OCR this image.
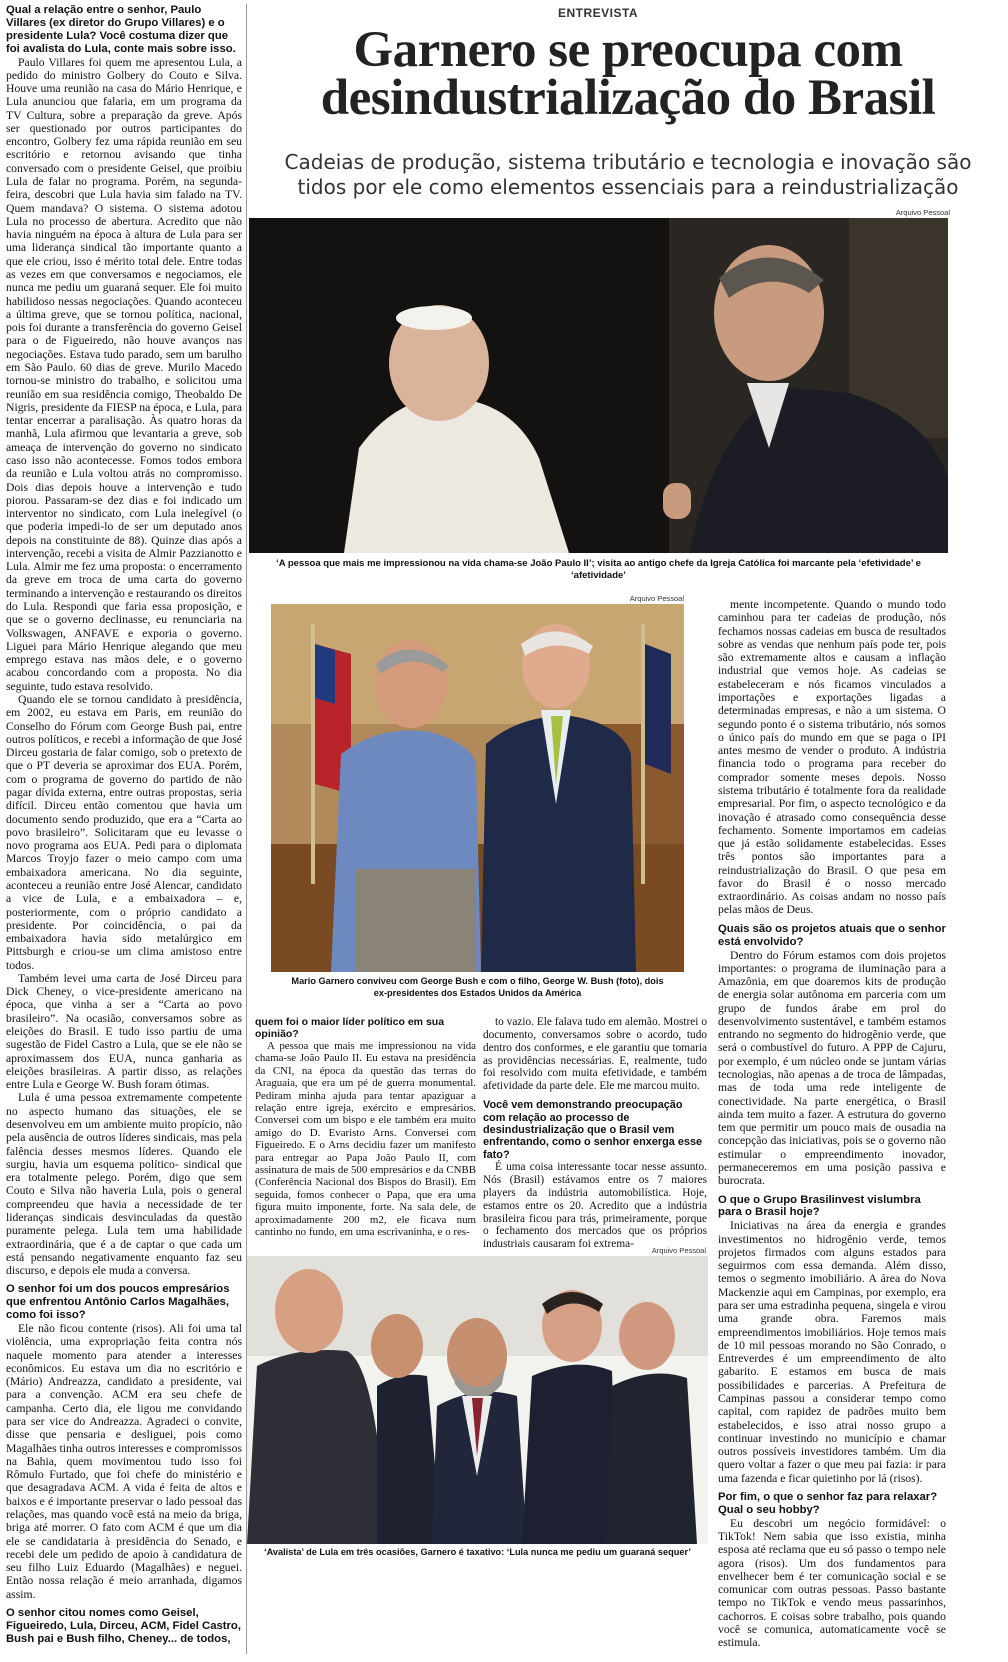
ENTREVISTA
Garnero se preocupa com
desindustrialização do Brasil
Cadeias de produção, sistema tributário e tecnologia e inovação são
tidos por ele como elementos essenciais para a reindustrialização

Qual a relação entre o senhor, Paulo Villares (ex diretor do Grupo Villares) e o presidente Lula? Você costuma dizer que foi avalista do Lula, conte mais sobre isso.

Paulo Villares foi quem me apresentou Lula, a pedido do ministro Golbery do Couto e Silva. Houve uma reunião na casa do Mário Henrique, e Lula anunciou que falaria, em um programa da TV Cultura, sobre a preparação da greve. Após ser questionado por outros participantes do encontro, Golbery fez uma rápida reunião em seu escritório e retornou avisando que tinha conversado com o presidente Geisel, que proibiu Lula de falar no programa. Porém, na segunda-feira, descobri que Lula havia sim falado na TV. Quem mandava? O sistema. O sistema adotou Lula no processo de abertura. Acredito que não havia ninguém na época à altura de Lula para ser uma liderança sindical tão importante quanto a que ele criou, isso é mérito total dele. Entre todas as vezes em que conversamos e negociamos, ele nunca me pediu um guaraná sequer. Ele foi muito habilidoso nessas negociações. Quando aconteceu a última greve, que se tornou política, nacional, pois foi durante a transferência do governo Geisel para o de Figueiredo, não houve avanços nas negociações. Estava tudo parado, sem um barulho em São Paulo. 60 dias de greve. Murilo Macedo tornou-se ministro do trabalho, e solicitou uma reunião em sua residência comigo, Theobaldo De Nigris, presidente da FIESP na época, e Lula, para tentar encerrar a paralisação. Às quatro horas da manhã, Lula afirmou que levantaria a greve, sob ameaça de intervenção do governo no sindicato caso isso não acontecesse. Fomos todos embora da reunião e Lula voltou atrás no compromisso. Dois dias depois houve a intervenção e tudo piorou. Passaram-se dez dias e foi indicado um interventor no sindicato, com Lula inelegível (o que poderia impedi-lo de ser um deputado anos depois na constituinte de 88). Quinze dias após a intervenção, recebi a visita de Almir Pazzianotto e Lula. Almir me fez uma proposta: o encerramento da greve em troca de uma carta do governo terminando a intervenção e restaurando os direitos do Lula. Respondi que faria essa proposição, e que se o governo declinasse, eu renunciaria na Volkswagen, ANFAVE e exporia o governo. Liguei para Mário Henrique alegando que meu emprego estava nas mãos dele, e o governo acabou concordando com a proposta. No dia seguinte, tudo estava resolvido.

Quando ele se tornou candidato à presidência, em 2002, eu estava em Paris, em reunião do Conselho do Fórum com George Bush pai, entre outros políticos, e recebi a informação de que José Dirceu gostaria de falar comigo, sob o pretexto de que o PT deveria se aproximar dos EUA. Porém, com o programa de governo do partido de não pagar dívida externa, entre outras propostas, seria difícil. Dirceu então comentou que havia um documento sendo produzido, que era a “Carta ao povo brasileiro”. Solicitaram que eu levasse o novo programa aos EUA. Pedi para o diplomata Marcos Troyjo fazer o meio campo com uma embaixadora americana. No dia seguinte, aconteceu a reunião entre José Alencar, candidato a vice de Lula, e a embaixadora – e, posteriormente, com o próprio candidato a presidente. Por coincidência, o pai da embaixadora havia sido metalúrgico em Pittsburgh e criou-se um clima amistoso entre todos.

Também levei uma carta de José Dirceu para Dick Cheney, o vice-presidente americano na época, que vinha a ser a “Carta ao povo brasileiro”. Na ocasião, conversamos sobre as eleições do Brasil. E tudo isso partiu de uma sugestão de Fidel Castro a Lula, que se ele não se aproximassem dos EUA, nunca ganharia as eleições brasileiras. A partir disso, as relações entre Lula e George W. Bush foram ótimas.

Lula é uma pessoa extremamente competente no aspecto humano das situações, ele se desenvolveu em um ambiente muito propício, não pela ausência de outros líderes sindicais, mas pela falência desses mesmos líderes. Quando ele surgiu, havia um esquema político- sindical que era totalmente pelego. Porém, digo que sem Couto e Silva não haveria Lula, pois o general compreendeu que havia a necessidade de ter lideranças sindicais desvinculadas da questão puramente pelega. Lula tem uma habilidade extraordinária, que é a de captar o que cada um está pensando negativamente enquanto faz seu discurso, e depois ele muda a conversa.

O senhor foi um dos poucos empresários que enfrentou Antônio Carlos Magalhães, como foi isso?

Ele não ficou contente (risos). Ali foi uma tal violência, uma expropriação feita contra nós naquele momento para atender a interesses econômicos. Eu estava um dia no escritório e (Mário) Andreazza, candidato a presidente, vai para a convenção. ACM era seu chefe de campanha. Certo dia, ele ligou me convidando para ser vice do Andreazza. Agradeci o convite, disse que pensaria e desliguei, pois como Magalhães tinha outros interesses e compromissos na Bahia, quem movimentou tudo isso foi Rômulo Furtado, que foi chefe do ministério e que desagradava ACM. A vida é feita de altos e baixos e é importante preservar o lado pessoal das relações, mas quando você está na meio da briga, briga até morrer. O fato com ACM é que um dia ele se candidataria à presidência do Senado, e recebi dele um pedido de apoio à candidatura de seu filho Luiz Eduardo (Magalhães) e neguei. Então nossa relação é meio arranhada, digamos assim.

O senhor citou nomes como Geisel, Figueiredo, Lula, Dirceu, ACM, Fidel Castro, Bush pai e Bush filho, Cheney... de todos,

Arquivo Pessoal
‘A pessoa que mais me impressionou na vida chama-se João Paulo II’; visita ao antigo chefe da Igreja Católica foi marcante pela ‘efetividade’ e ‘afetividade’
Arquivo Pessoal
Mario Garnero conviveu com George Bush e com o filho, George W. Bush (foto), dois
ex-presidentes dos Estados Unidos da América

quem foi o maior líder político em sua opinião?

A pessoa que mais me impressionou na vida chama-se João Paulo II. Eu estava na presidência da CNI, na época da questão das terras do Araguaia, que era um pé de guerra monumental. Pediram minha ajuda para tentar apaziguar a relação entre igreja, exército e empresários. Conversei com um bispo e ele também era muito amigo do D. Evaristo Arns. Conversei com Figueiredo. E o Arns decidiu fazer um manifesto para entregar ao Papa João Paulo II, com assinatura de mais de 500 empresários e da CNBB (Conferência Nacional dos Bispos do Brasil). Em seguida, fomos conhecer o Papa, que era uma figura muito imponente, forte. Na sala dele, de aproximadamente 200 m2, ele ficava num cantinho no fundo, em uma escrivaninha, e o res-

to vazio. Ele falava tudo em alemão. Mostrei o documento, conversamos sobre o acordo, tudo dentro dos conformes, e ele garantiu que tomaria as providências necessárias. E, realmente, tudo foi resolvido com muita efetividade, e também afetividade da parte dele. Ele me marcou muito.

Você vem demonstrando preocupação com relação ao processo de desindustrialização que o Brasil vem enfrentando, como o senhor enxerga esse fato?

É uma coisa interessante tocar nesse assunto. Nós (Brasil) estávamos entre os 7 maiores players da indústria automobilística. Hoje, estamos entre os 20. Acredito que a indústria brasileira ficou para trás, primeiramente, porque o fechamento dos mercados que os próprios industriais causaram foi extrema-

Arquivo Pessoal
‘Avalista’ de Lula em três ocasiões, Garnero é taxativo: ‘Lula nunca me pediu um guaraná sequer’

mente incompetente. Quando o mundo todo caminhou para ter cadeias de produção, nós fechamos nossas cadeias em busca de resultados sobre as vendas que nenhum país pode ter, pois são extremamente altos e causam a inflação industrial que vemos hoje. As cadeias se estabeleceram e nós ficamos vinculados a importações e exportações ligadas a determinadas empresas, e não a um sistema. O segundo ponto é o sistema tributário, nós somos o único país do mundo em que se paga o IPI antes mesmo de vender o produto. A indústria financia todo o programa para receber do comprador somente meses depois. Nosso sistema tributário é totalmente fora da realidade empresarial. Por fim, o aspecto tecnológico e da inovação é atrasado como consequência desse fechamento. Somente importamos em cadeias que já estão solidamente estabelecidas. Esses três pontos são importantes para a reindustrialização do Brasil. O que pesa em favor do Brasil é o nosso mercado extraordinário. As coisas andam no nosso país pelas mãos de Deus.

Quais são os projetos atuais que o senhor está envolvido?

Dentro do Fórum estamos com dois projetos importantes: o programa de iluminação para a Amazônia, em que doaremos kits de produção de energia solar autônoma em parceria com um grupo de fundos árabe em prol do desenvolvimento sustentável, e também estamos entrando no segmento do hidrogênio verde, que será o combustível do futuro. A PPP de Cajuru, por exemplo, é um núcleo onde se juntam várias tecnologias, não apenas a de troca de lâmpadas, mas de toda uma rede inteligente de conectividade. Na parte energética, o Brasil ainda tem muito a fazer. A estrutura do governo tem que permitir um pouco mais de ousadia na concepção das iniciativas, pois se o governo não estimular o empreendimento inovador, permaneceremos em uma posição passiva e burocrata.

O que o Grupo Brasilinvest vislumbra para o Brasil hoje?

Iniciativas na área da energia e grandes investimentos no hidrogênio verde, temos projetos firmados com alguns estados para seguirmos com essa demanda. Além disso, temos o segmento imobiliário. A área do Nova Mackenzie aqui em Campinas, por exemplo, era para ser uma estradinha pequena, singela e virou uma grande obra. Faremos mais empreendimentos imobiliários. Hoje temos mais de 10 mil pessoas morando no São Conrado, o Entreverdes é um empreendimento de alto gabarito. E estamos em busca de mais possibilidades e parcerias. A Prefeitura de Campinas passou a considerar tempo como capital, com rapidez de padrões muito bem estabelecidos, e isso atrai nosso grupo a continuar investindo no município e chamar outros possíveis investidores também. Um dia quero voltar a fazer o que meu pai fazia: ir para uma fazenda e ficar quietinho por lá (risos).

Por fim, o que o senhor faz para relaxar? Qual o seu hobby?

Eu descobri um negócio formidável: o TikTok! Nem sabia que isso existia, minha esposa até reclama que eu só passo o tempo nele agora (risos). Um dos fundamentos para envelhecer bem é ter comunicação social e se comunicar com outras pessoas. Passo bastante tempo no TikTok e vendo meus passarinhos, cachorros. E coisas sobre trabalho, pois quando você se comunica, automaticamente você se estimula.
